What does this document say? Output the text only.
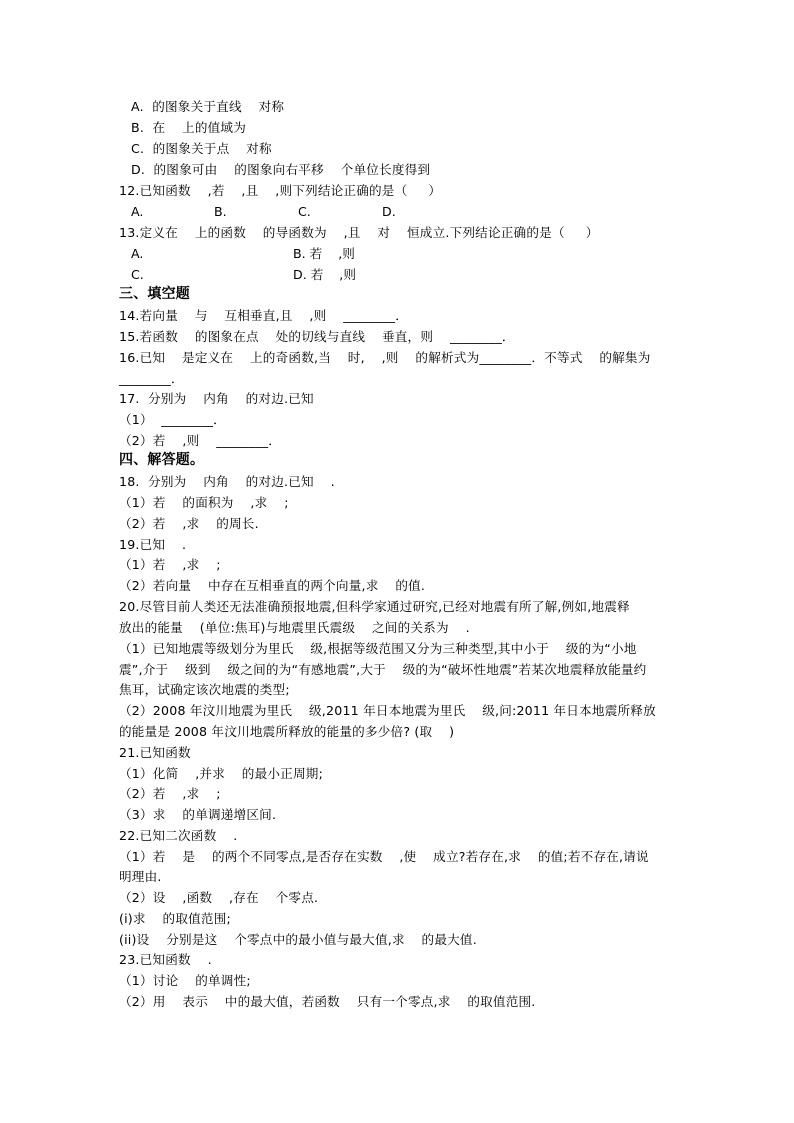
A.  的图象关于直线    对称
B.  在    上的值域为
C.  的图象关于点    对称
D.  的图象可由    的图象向右平移    个单位长度得到
12.已知函数    ,若    ,且    ,则下列结论正确的是（     ）
A.	B.	C.	D.
13.定义在    上的函数    的导函数为    ,且    对    恒成立.下列结论正确的是（     ）
A.	B. 若    ,则
C.	D. 若    ,则
三、填空题
14.若向量    与    互相垂直,且    ,则    ________．
15.若函数    的图象在点    处的切线与直线    垂直，则    ________．
16.已知    是定义在    上的奇函数,当    时,    ,则    的解析式为________．不等式    的解集为
________．
17.  分别为    内角    的对边.已知
（1）  ________．
（2）若    ,则    ________．
四、解答题。
18.  分别为    内角    的对边.已知    .
（1）若    的面积为    ,求    ;
（2）若    ,求    的周长.
19.已知    .
（1）若    ,求    ;
（2）若向量    中存在互相垂直的两个向量,求    的值.
20.尽管目前人类还无法准确预报地震,但科学家通过研究,已经对地震有所了解,例如,地震释
放出的能量    (单位:焦耳)与地震里氏震级    之间的关系为    .
（1）已知地震等级划分为里氏    级,根据等级范围又分为三种类型,其中小于    级的为“小地
震”,介于    级到    级之间的为“有感地震”,大于    级的为“破坏性地震”若某次地震释放能量约
焦耳，试确定该次地震的类型;
（2）2008 年汶川地震为里氏    级,2011 年日本地震为里氏    级,问:2011 年日本地震所释放
的能量是 2008 年汶川地震所释放的能量的多少倍? (取    )
21.已知函数
（1）化简    ,并求    的最小正周期;
（2）若    ,求    ;
（3）求    的单调递增区间.
22.已知二次函数    .
（1）若    是    的两个不同零点,是否存在实数    ,使    成立?若存在,求    的值;若不存在,请说
明理由.
（2）设    ,函数    ,存在    个零点.
(i)求    的取值范围;
(ii)设    分别是这    个零点中的最小值与最大值,求    的最大值.
23.已知函数    .
（1）讨论    的单调性;
（2）用    表示    中的最大值，若函数    只有一个零点,求    的取值范围.
